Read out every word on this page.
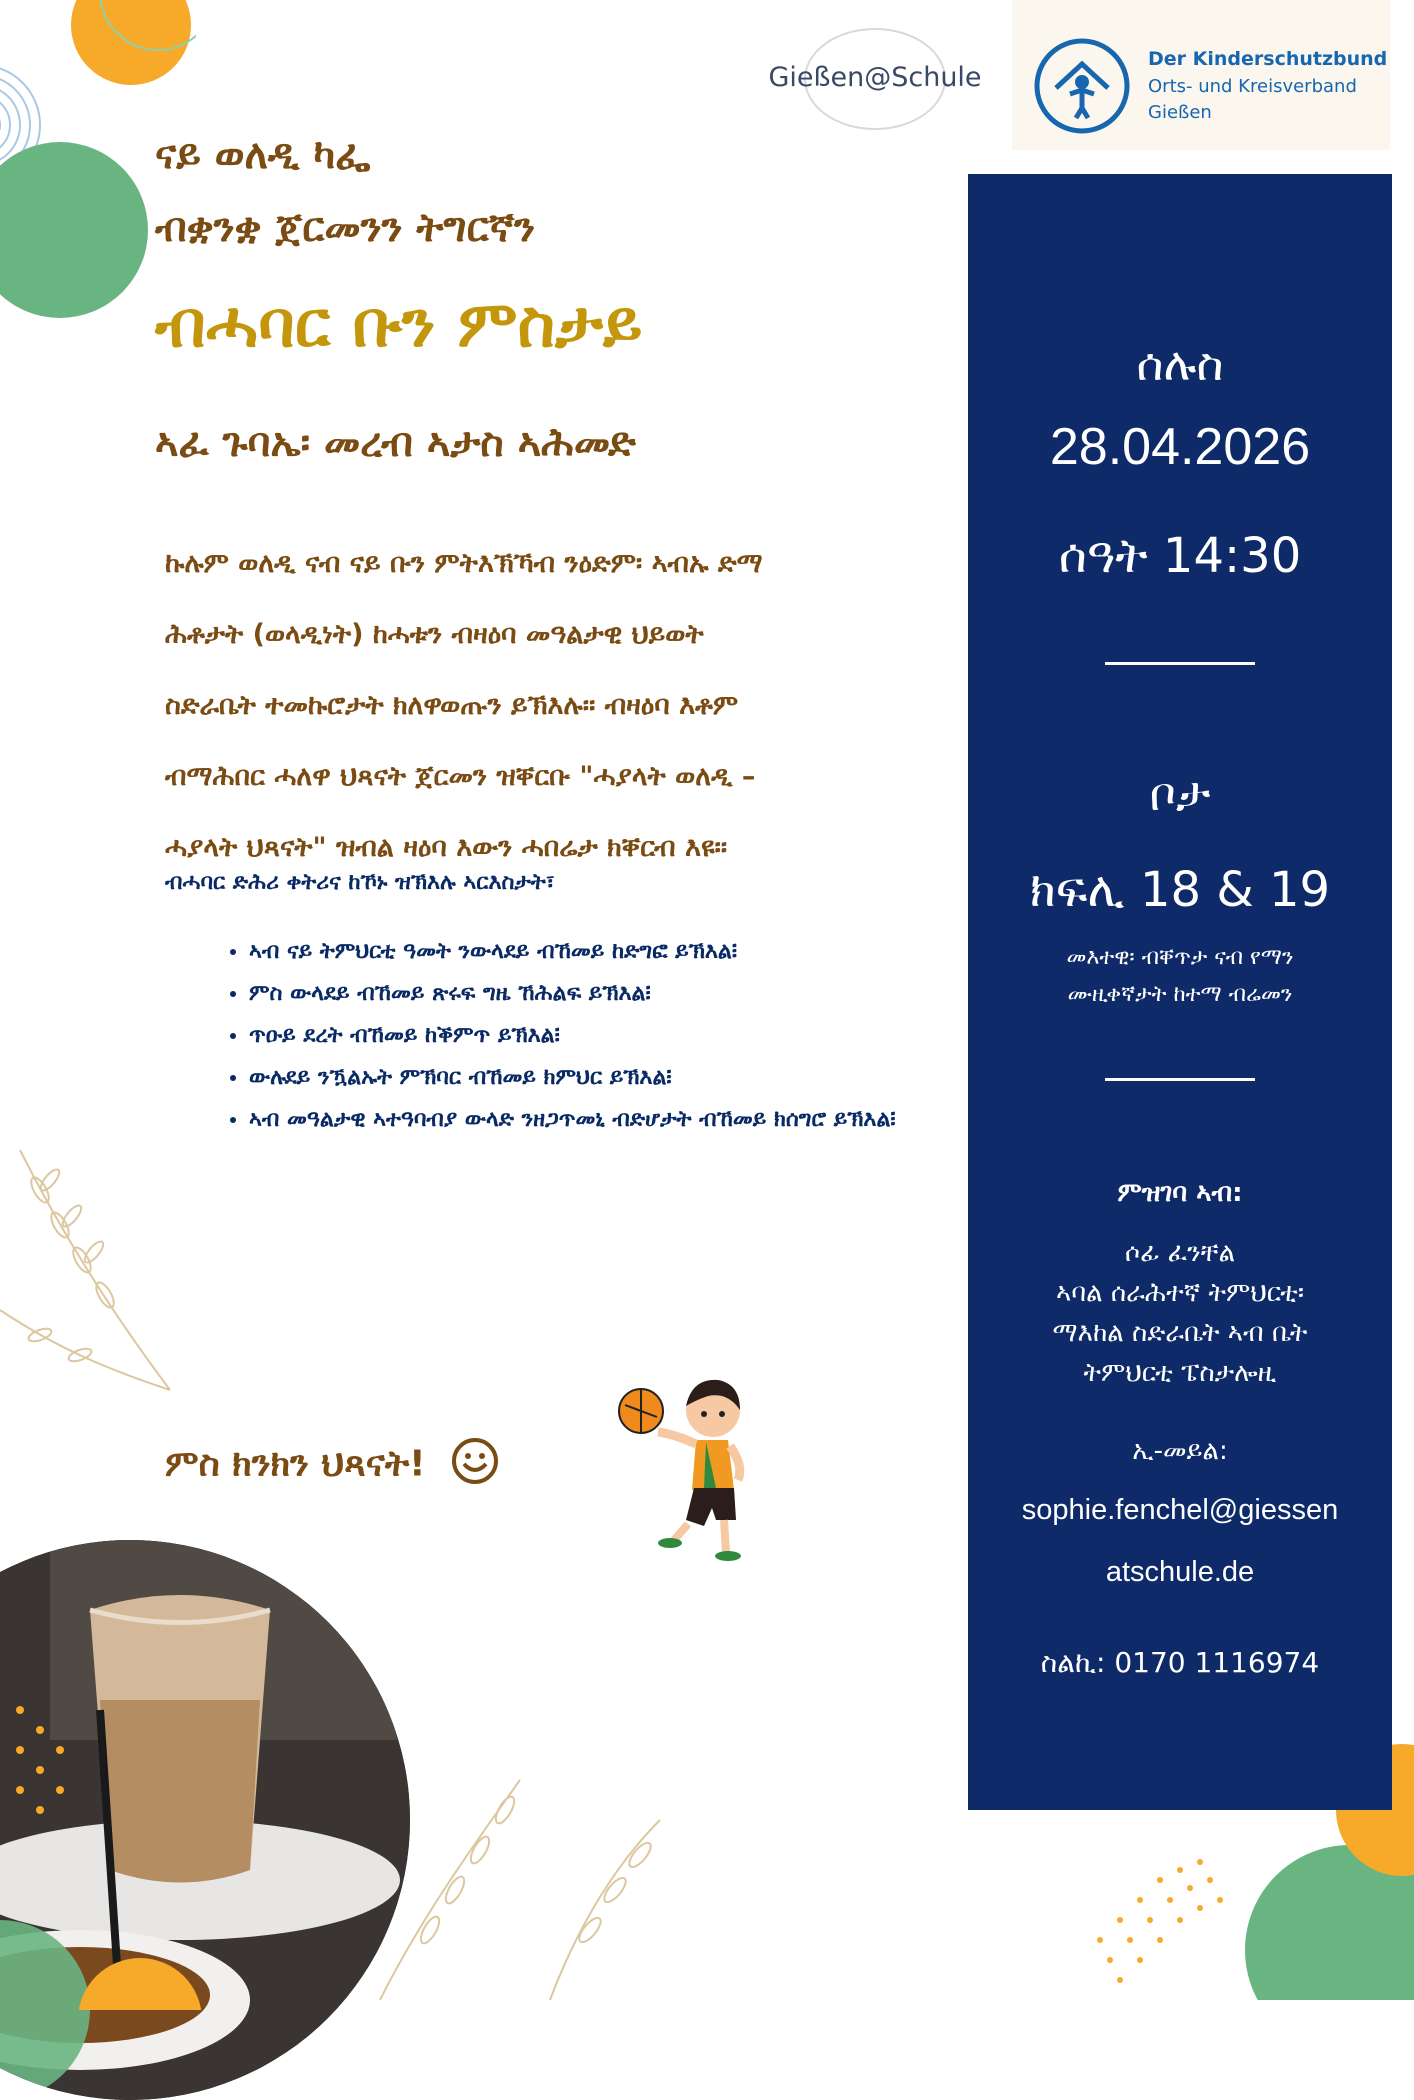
Gießen@Schule
Der Kinderschutzbund
Orts- und Kreisverband
Gießen
ናይ ወለዲ ካፌ
ብቋንቋ ጀርመንን ትግርኛን
ብሓባር ቡን ምስታይ
ኣፈ ጉባኤ፡ መረብ ኣታስ ኣሕመድ
ኩሉም ወለዲ ናብ ናይ ቡን ምትእኽኻብ ንዕድም፡ ኣብኡ ድማ
ሕቶታት (ወላዲነት) ከሓቱን ብዛዕባ መዓልታዊ ህይወት
ስድራቤት ተመኩሮታት ክለዋወጡን ይኽእሉ። ብዛዕባ እቶም
ብማሕበር ሓለዋ ህጻናት ጀርመን ዝቐርቡ "ሓያላት ወለዲ –
ሓያላት ህጻናት" ዝብል ዛዕባ እውን ሓበሬታ ክቐርብ እዩ።
ብሓባር ድሕሪ ቀትሪና ከኾኑ ዝኽእሉ ኣርእስታት፣
• ኣብ ናይ ትምህርቲ ዓመት ንውላደይ ብኸመይ ከድግፎ ይኽእል፧
• ምስ ውላደይ ብኸመይ ጽሩፍ ግዜ ኸሕልፍ ይኽእል፧
• ጥዑይ ደረት ብኸመይ ከቕምጥ ይኽእል፧
• ውሉደይ ንዃልኡት ምኽባር ብኸመይ ክምህር ይኽእል፧
• ኣብ መዓልታዊ ኣተዓባብያ ውላድ ንዘጋጥመኒ ብድሆታት ብኸመይ ክሰግሮ ይኽእል፧
ምስ ክንክን ህጻናት!
ሰሉስ
28.04.2026
ሰዓት 14:30
ቦታ
ክፍሊ 18 & 19
መእተዊ፡ ብቐጥታ ናብ የማን
ሙዚቀኛታት ከተማ ብሬመን
ምዝገባ ኣብ:
ሶፊ ፈንቸል
ኣባል ሰራሕተኛ ትምህርቲ፡
ማእከል ስድራቤት ኣብ ቤት
ትምህርቲ ፔስታሎዚ
ኢ-መይል:
sophie.fenchel@giessen
atschule.de
ስልኪ: 0170 1116974
